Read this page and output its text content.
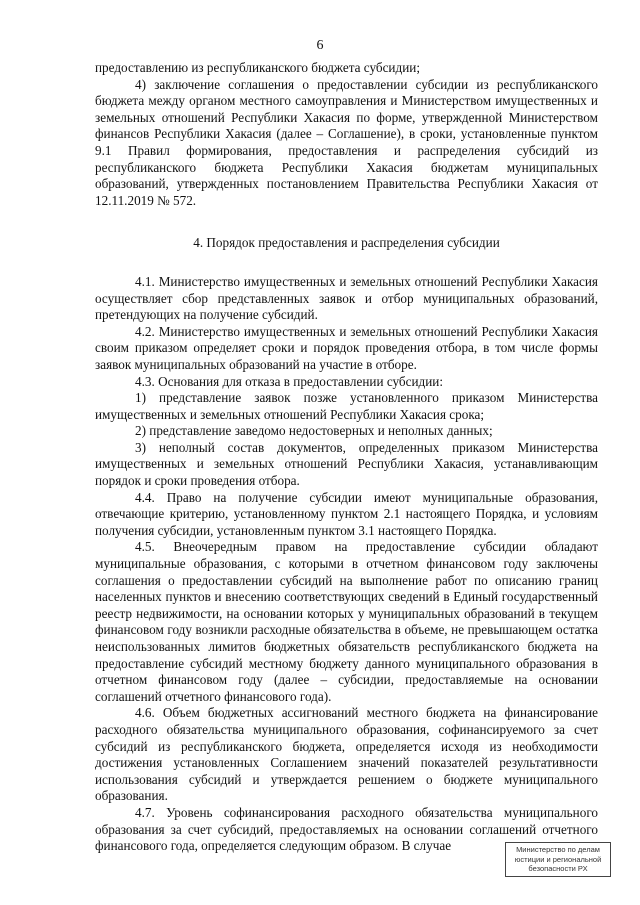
6

предоставлению из республиканского бюджета субсидии;

4) заключение соглашения о предоставлении субсидии из республиканского бюджета между органом местного самоуправления и Министерством имущественных и земельных отношений Республики Хакасия по форме, утвержденной Министерством финансов Республики Хакасия (далее – Соглашение), в сроки, установленные пунктом 9.1 Правил формирования, предоставления и распределения субсидий из республиканского бюджета Республики Хакасия бюджетам муниципальных образований, утвержденных постановлением Правительства Республики Хакасия от 12.11.2019 № 572.

4. Порядок предоставления и распределения субсидии

4.1. Министерство имущественных и земельных отношений Республики Хакасия осуществляет сбор представленных заявок и отбор муниципальных образований, претендующих на получение субсидий.

4.2. Министерство имущественных и земельных отношений Республики Хакасия своим приказом определяет сроки и порядок проведения отбора, в том числе формы заявок муниципальных образований на участие в отборе.

4.3. Основания для отказа в предоставлении субсидии:

1) представление заявок позже установленного приказом Министерства имущественных и земельных отношений Республики Хакасия срока;

2) представление заведомо недостоверных и неполных данных;

3) неполный состав документов, определенных приказом Министерства имущественных и земельных отношений Республики Хакасия, устанавливающим порядок и сроки проведения отбора.

4.4. Право на получение субсидии имеют муниципальные образования, отвечающие критерию, установленному пунктом 2.1 настоящего Порядка, и условиям получения субсидии, установленным пунктом 3.1 настоящего Порядка.

4.5. Внеочередным правом на предоставление субсидии обладают муниципальные образования, с которыми в отчетном финансовом году заключены соглашения о предоставлении субсидий на выполнение работ по описанию границ населенных пунктов и внесению соответствующих сведений в Единый государственный реестр недвижимости, на основании которых у муниципальных образований в текущем финансовом году возникли расходные обязательства в объеме, не превышающем остатка неиспользованных лимитов бюджетных обязательств республиканского бюджета на предоставление субсидий местному бюджету данного муниципального образования в отчетном финансовом году (далее – субсидии, предоставляемые на основании соглашений отчетного финансового года).

4.6. Объем бюджетных ассигнований местного бюджета на финансирование расходного обязательства муниципального образования, софинансируемого за счет субсидий из республиканского бюджета, определяется исходя из необходимости достижения установленных Соглашением значений показателей результативности использования субсидий и утверждается решением о бюджете муниципального образования.

4.7. Уровень софинансирования расходного обязательства муниципального образования за счет субсидий, предоставляемых на основании соглашений отчетного финансового года, определяется следующим образом. В случае	Министерство по делам
юстиции и региональной
безопасности РХ
